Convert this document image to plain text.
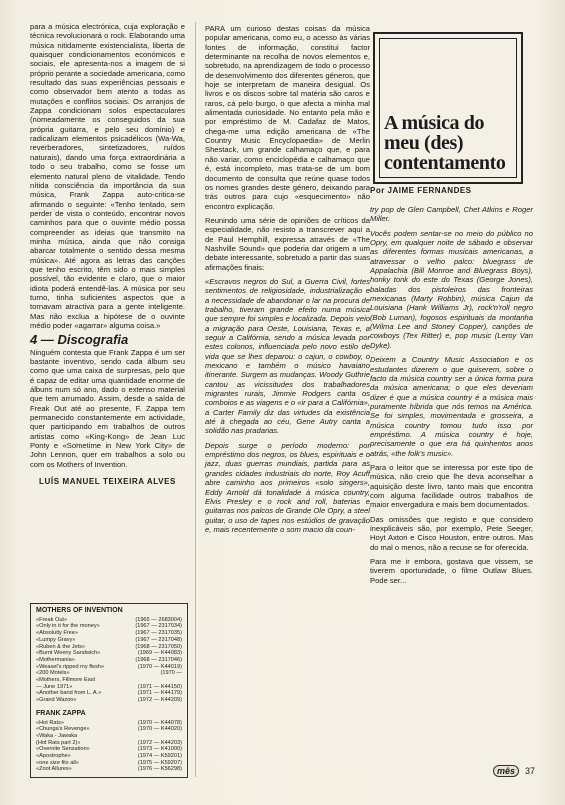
para a música electrónica, cuja exploração e técnica revolucionará o rock. Elaborando uma música nitidamente existencialista, liberta de quaisquer condicionamentos económicos e sociais, ele apresenta-nos a imagem de si próprio perante a sociedade americana, como resultado das suas experiências pessoais e como observador bem atento a todas as mutações e conflitos sociais. Os arranjos de Zappa condicionam solos espectaculares (nomeadamente os conseguidos da sua própria guitarra, e pelo seu domínio) e radicalizam elementos psicadélicos (Wa-Wa, reverberadores, sintetizadores, ruídos naturais), dando uma força extraordinária a todo o seu trabalho, como se fosse um elemento natural pleno de vitalidade. Tendo nítida consciência da importância da sua música, Frank Zappa auto-critica-se afirmando o seguinte: «Tenho tentado, sem perder de vista o conteúdo, encontrar novos caminhos para que o ouvinte médio possa compreender as ideias que transmito na minha música, ainda que não consiga abarcar totalmente o sentido dessa mesma música». Até agora as letras das canções que tenho escrito, têm sido o mais simples possível, tão evidente e claro, que o maior idiota poderá entendê-las. A música por seu turno, tinha suficientes aspectos que a tornavam atractiva para a gente inteligente. Mas não exclua a hipótese de o ouvinte médio poder «agarrar» alguma coisa.»

4 — Discografia

Ninguém contesta que Frank Zappa é um ser bastante inventivo, sendo cada álbum seu como que uma caixa de surpresas, pelo que é capaz de editar uma quantidade enorme de álbuns num só ano, dado o extenso material que tem arrumado. Assim, desde a saída de Freak Out até ao presente, F. Zappa tem permanecido constantemente em actividade, quer participando em trabalhos de outros artistas como «King-Kong» de Jean Luc Ponty e «Sometime in New York City» de John Lennon, quer em trabalhos a solo ou com os Mothers of Invention.

LUÍS MANUEL TEIXEIRA ALVES
MOTHERS OF INVENTION
«Freak Out»	(1965 — 2683004)
«Only in it for the money»	(1967 — 2317034)
«Absolutly Free»	(1967 — 2317035)
«Lumpy Gravy»	(1967 — 2317048)
«Ruben & the Jets»	(1968 — 2317050)
«Burnt Weeny Sandwich»	(1969 — K44083)
«Mothermania»	(1968 — 2317046)
«Weasel's ripped my flesh»	(1970 — K44019)
«200 Motels»	(1970 —
«Mothers, Fillmore East
— June 1971»	(1971 — K44150)
«Another band from L. A.»	(1971 — K44179)
«Grand Wazoo»	(1972 — K44209)
FRANK ZAPPA
«Hot Rats»	(1970 — K44078)
«Chunga's Revenge»	(1970 — K44020)
«Waka - Jawaka
(Hot Rats part 2)»	(1972 — K44203)
«Overnite Sensation»	(1973 — K41000)
«Apostrophe»	(1974 — K59201)
«one size fits all»	(1975 — K59207)
«Zoot Allures»	(1976 — K56298)

PARA um curioso destas coisas da música popular americana, como eu, o acesso às várias fontes de informação, constitui factor determinante na recolha de novos elementos e, sobretudo, na aprendizagem de todo o processo de desenvolvimento dos diferentes géneros, que hoje se interpretam de maneira desigual. Os livros e os discos sobre tal matéria são caros e raros, cá pelo burgo, o que afecta a minha mal alimentada curiosidade. No entanto pela mão e por empréstimo de M. Cadafaz de Matos, chega-me uma edição americana de «The Country Music Encyclopaedia» de Merlin Shestack, um grande calhamaço que, e para não variar, como enciclopédia e calhamaço que é, está incompleto, mas trata-se de um bom documento de consulta que reúne quase todos os nomes grandes deste género, deixando para trás outros para cujo «esquecimento» não encontro explicação.

Reunindo uma série de opiniões de críticos da especialidade, não resisto a transcrever aqui a de Paul Hemphill, expressa através de «The Nashville Sound» que poderia dar origem a um debate interessante, sobretudo a partir das suas afirmações finais:

«Escravos negros do Sul, a Guerra Civil, fortes sentimentos de religiosidade, industrialização e a necessidade de abandonar o lar na procura de trabalho, tiveram grande efeito numa música que sempre foi simples e localizada. Depois veio a migração para Oeste, Louisiana, Texas e, a seguir a Califórnia, sendo a música levada por estes colonos, influenciada pelo novo estilo de vida que se lhes deparou: o cajun, o cowboy, o mexicano e também o músico havaiano itinerante. Surgem as mudanças. Woody Guthrie cantou as vicissitudes dos trabalhadores migrantes rurais, Jimmie Rodgers canta os comboios e as viagens e o «ir para a Califórnia», a Carter Family diz das virtudes da existência até à chegada ao céu, Gene Autry canta a solidão nas pradarias.

Depois surge o período moderno: por empréstimo dos negros, os blues, espirituais e o jazz, duas guerras mundiais, partida para as grandes cidades industriais do norte, Roy Acuff abre caminho aos primeiros «solo singers», Eddy Arnold dá tonalidade à música country, Elvis Presley e o rock and roll, baterias e guitarras nos palcos de Grande Ole Opry, a steel guitar, o uso de tapes nos estúdios de gravação e, mais recentemente o som macio da coun-

A música do meu (des) contentamento
Por JAIME FERNANDES

try pop de Glen Campbell, Chet Atkins e Roger Miller.

Vocês podem sentar-se no meio do público no Opry, em qualquer noite de sábado e observar as diferentes formas musicais americanas, a atravessar o velho palco: bluegrass de Appalachia (Bill Monroe and Bluegrass Boys), honky tonk do este do Texas (George Jones), baladas dos pistoleiros das fronteiras mexicanas (Marty Robbin), música Cajun da Louisiana (Hank Williams Jr), rock'n'roll negro (Bob Luman), fogosos espirituais da montanha (Wilma Lee and Stoney Copper), canções de cowboys (Tex Ritter) e, pop music (Leroy Van Dyke).

Deixem a Country Music Association e os estudantes dizerem o que quiserem, sobre o facto da música country ser a única forma pura da música americana; o que eles deveriam dizer é que a música country é a música mais puramente híbrida que nós temos na América. Se foi simples, movimentada e grosseira, a música country tomou tudo isso por empréstimo. A música country é hoje, precisamente o que era há quinhentos anos atrás, «the folk's music».

Para o leitor que se interessa por este tipo de música, não creio que lhe deva aconselhar a aquisição deste livro, tanto mais que encontra com alguma facilidade outros trabalhos de maior envergadura e mais bem documentados.

Das omissões que registo e que considero inexplicáveis são, por exemplo, Pete Seeger, Hoyt Axton e Cisco Houston, entre outros. Mas do mal o menos, não a recuse se for oferecida.

Para me ir embora, gostava que vissem, se tiverem oportunidade, o filme Outlaw Blues. Pode ser...

mês	37
